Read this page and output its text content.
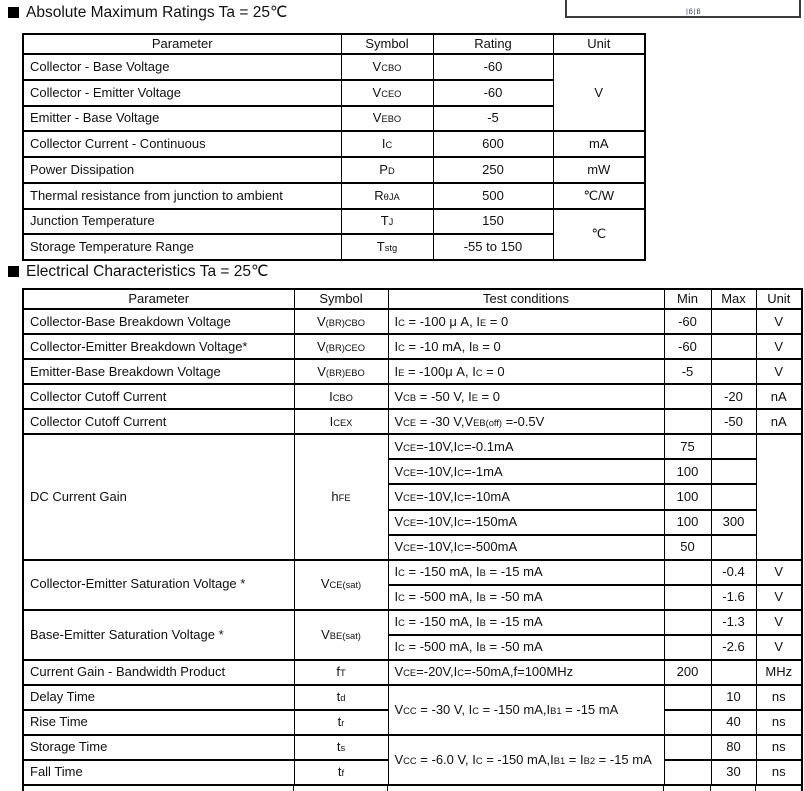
g|g|
Absolute Maximum Ratings Ta = 25℃
Parameter	Symbol	Rating	Unit
Collector - Base Voltage	VCBO	-60	V
Collector - Emitter Voltage	VCEO	-60	
Emitter - Base Voltage	VEBO	-5	
Collector Current - Continuous	IC	600	mA
Power Dissipation	PD	250	mW
Thermal resistance from junction to ambient	RθJA	500	℃/W
Junction Temperature	TJ	150	℃
Storage Temperature Range	Tstg	-55 to 150	
Electrical Characteristics Ta = 25℃
Parameter	Symbol	Test conditions	Min	Max	Unit
Collector-Base Breakdown Voltage	V(BR)CBO	IC = -100 μ A, IE = 0	-60		V
Collector-Emitter Breakdown Voltage*	V(BR)CEO	IC = -10 mA, IB = 0	-60		V
Emitter-Base Breakdown Voltage	V(BR)EBO	IE = -100μ A, IC = 0	-5		V
Collector Cutoff Current	ICBO	VCB = -50 V, IE = 0		-20	nA
Collector Cutoff Current	ICEX	VCE = -30 V,VEB(off) =-0.5V		-50	nA
DC Current Gain	hFE	VCE=-10V,IC=-0.1mA	75		
		VCE=-10V,IC=-1mA	100		
		VCE=-10V,IC=-10mA	100		
		VCE=-10V,IC=-150mA	100	300	
		VCE=-10V,IC=-500mA	50		
Collector-Emitter Saturation Voltage *	VCE(sat)	IC = -150 mA, IB = -15 mA		-0.4	V
		IC = -500 mA, IB = -50 mA		-1.6	V
Base-Emitter Saturation Voltage *	VBE(sat)	IC = -150 mA, IB = -15 mA		-1.3	V
		IC = -500 mA, IB = -50 mA		-2.6	V
Current Gain - Bandwidth Product	fT	VCE=-20V,IC=-50mA,f=100MHz	200		MHz
Delay Time	td	VCC = -30 V, IC = -150 mA,IB1 = -15 mA		10	ns
Rise Time	tr			40	ns
Storage Time	ts	VCC = -6.0 V, IC = -150 mA,IB1 = IB2 = -15 mA		80	ns
Fall Time	tf			30	ns
